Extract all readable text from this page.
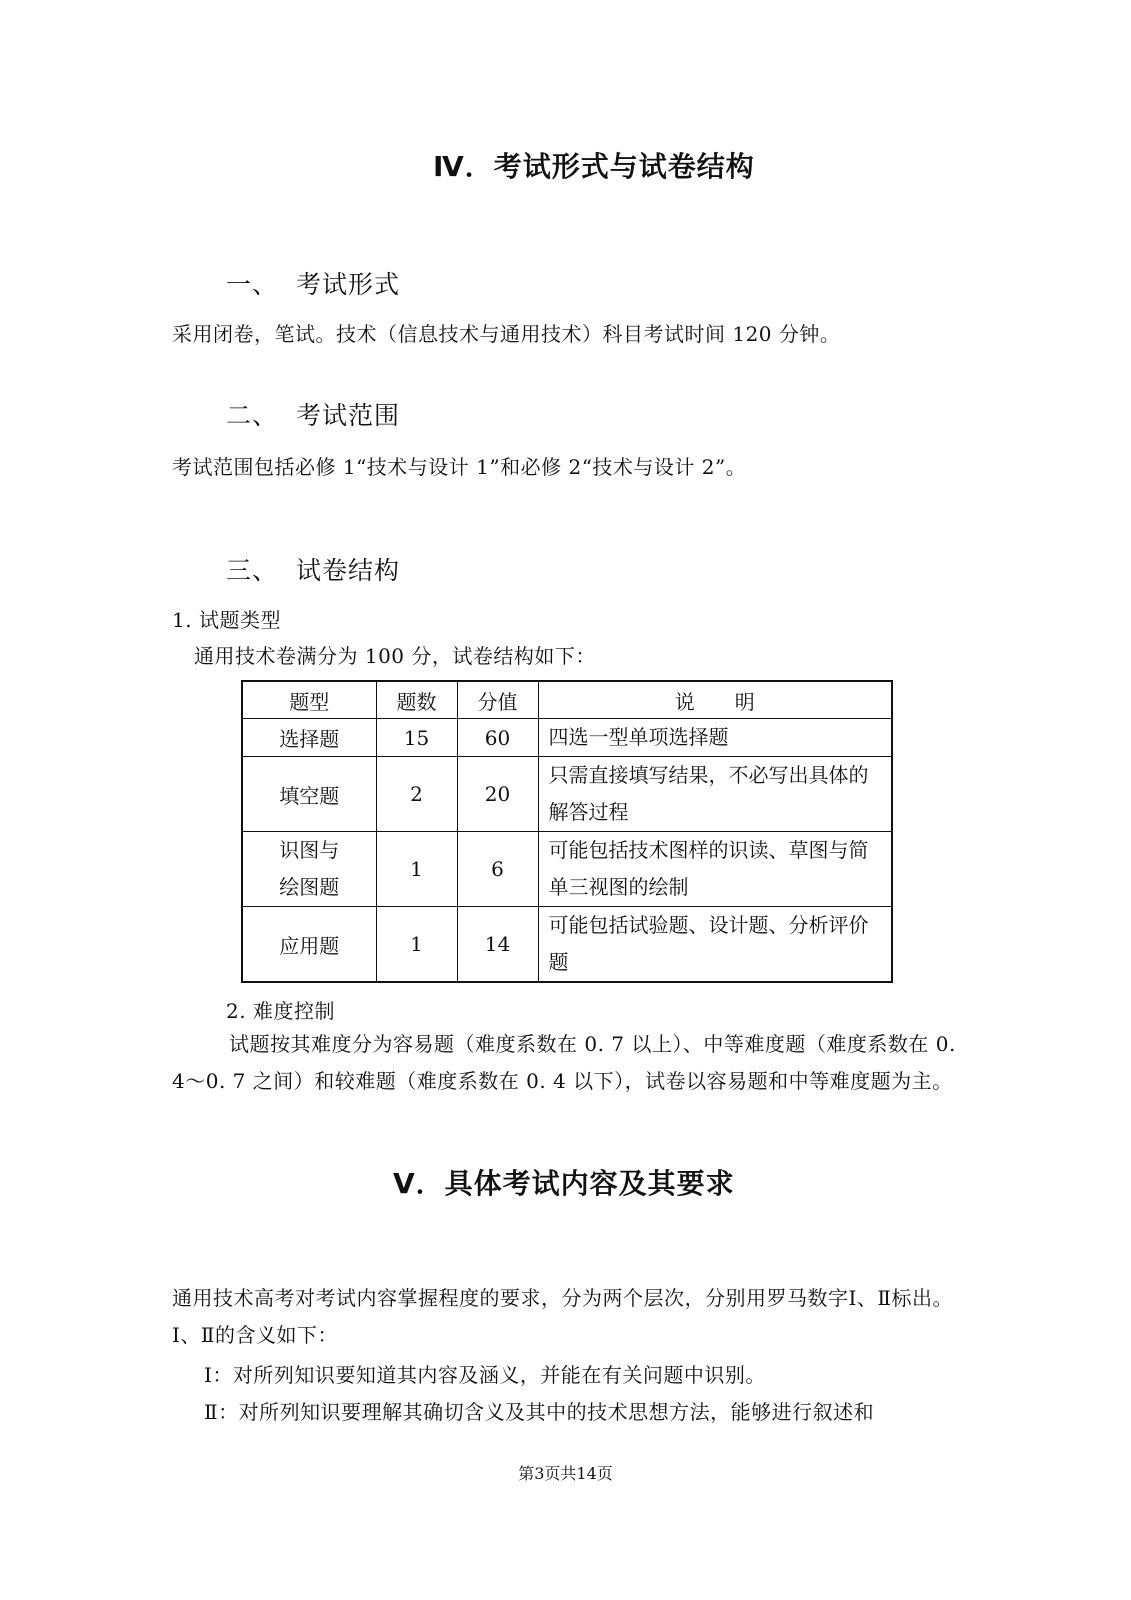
Ⅳ．考试形式与试卷结构
一、 考试形式
采用闭卷，笔试。技术（信息技术与通用技术）科目考试时间 120 分钟。
二、 考试范围
考试范围包括必修 1“技术与设计 1”和必修 2“技术与设计 2”。
三、 试卷结构
1. 试题类型
通用技术卷满分为 100 分，试卷结构如下：
题型	题数	分值	说　　明
选择题	15	60	四选一型单项选择题
填空题	2	20	只需直接填写结果，不必写出具体的解答过程
识图与绘图题	1	6	可能包括技术图样的识读、草图与简单三视图的绘制
应用题	1	14	可能包括试验题、设计题、分析评价题
2. 难度控制
试题按其难度分为容易题（难度系数在 0. 7 以上）、中等难度题（难度系数在 0. 4～0. 7 之间）和较难题（难度系数在 0. 4 以下），试卷以容易题和中等难度题为主。
Ⅴ．具体考试内容及其要求
通用技术高考对考试内容掌握程度的要求，分为两个层次，分别用罗马数字Ⅰ、Ⅱ标出。Ⅰ、Ⅱ的含义如下：
Ⅰ：对所列知识要知道其内容及涵义，并能在有关问题中识别。
Ⅱ：对所列知识要理解其确切含义及其中的技术思想方法，能够进行叙述和
第3页共14页
